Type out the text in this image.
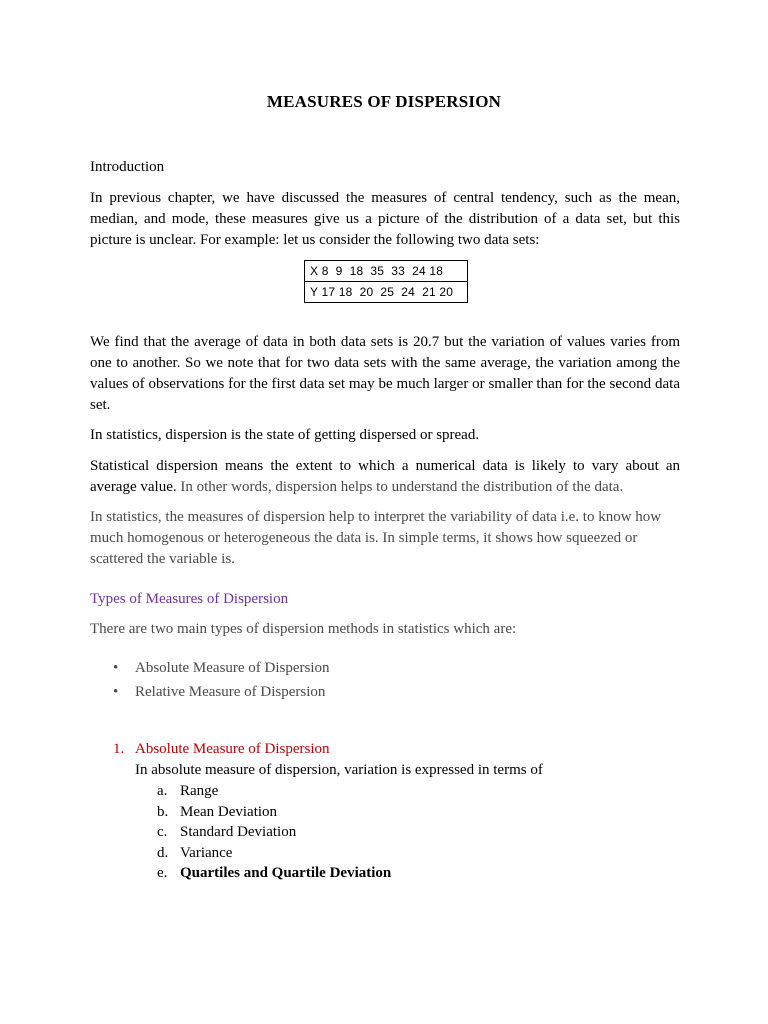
MEASURES OF DISPERSION
Introduction
In previous chapter, we have discussed the measures of central tendency, such as the mean, median, and mode, these measures give us a picture of the distribution of a data set, but this picture is unclear. For example: let us consider the following two data sets:
X 8  9  18  35  33  24 18
Y 17 18  20  25  24  21 20
We find that the average of data in both data sets is 20.7 but the variation of values varies from one to another. So we note that for two data sets with the same average, the variation among the values of observations for the first data set may be much larger or smaller than for the second data set.
In statistics, dispersion is the state of getting dispersed or spread.
Statistical dispersion means the extent to which a numerical data is likely to vary about an average value. In other words, dispersion helps to understand the distribution of the data.
In statistics, the measures of dispersion help to interpret the variability of data i.e. to know how much homogenous or heterogeneous the data is. In simple terms, it shows how squeezed or scattered the variable is.
Types of Measures of Dispersion
There are two main types of dispersion methods in statistics which are:
•	Absolute Measure of Dispersion
•	Relative Measure of Dispersion
1. Absolute Measure of Dispersion
In absolute measure of dispersion, variation is expressed in terms of
a. Range
b. Mean Deviation
c. Standard Deviation
d. Variance
e. Quartiles and Quartile Deviation
